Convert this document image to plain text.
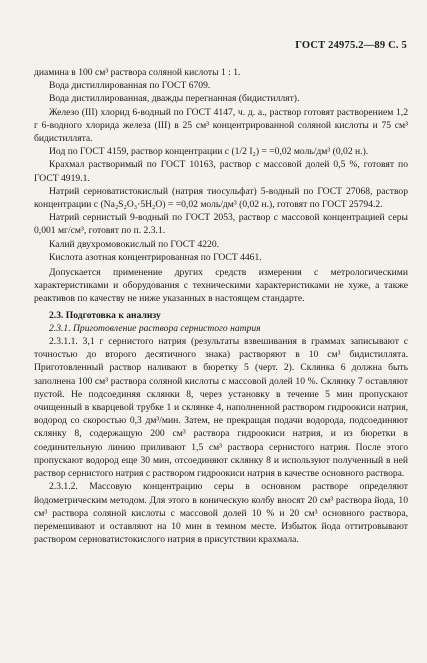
ГОСТ 24975.2—89 С. 5

диамина в 100 см³ раствора соляной кислоты 1 : 1.

Вода дистиллированная по ГОСТ 6709.

Вода дистиллированная, дважды перегнанная (бидистиллят).

Железо (III) хлорид 6-водный по ГОСТ 4147, ч. д. а., раствор готовят растворением 1,2 г 6-водного хлорида железа (III) в 25 см³ концентрированной соляной кислоты и 75 см³ бидистиллята.

Иод по ГОСТ 4159, раствор концентрации с (1/2 I₂) = =0,02 моль/дм³ (0,02 н.).

Крахмал растворимый по ГОСТ 10163, раствор с массовой долей 0,5 %, готовят по ГОСТ 4919.1.

Натрий серноватистокислый (натрия тиосульфат) 5-водный по ГОСТ 27068, раствор концентрации с (Na₂S₂O₃·5H₂O) = =0,02 моль/дм³ (0,02 н.), готовят по ГОСТ 25794.2.

Натрий сернистый 9-водный по ГОСТ 2053, раствор с массовой концентрацией серы 0,001 мг/см³, готовят по п. 2.3.1.

Калий двухромовокислый по ГОСТ 4220.

Кислота азотная концентрированная по ГОСТ 4461.

Допускается применение других средств измерения с метрологическими характеристиками и оборудования с техническими характеристиками не хуже, а также реактивов по качеству не ниже указанных в настоящем стандарте.

2.3. Подготовка к анализу

2.3.1. Приготовление раствора сернистого натрия

2.3.1.1. 3,1 г сернистого натрия (результаты взвешивания в граммах записывают с точностью до второго десятичного знака) растворяют в 10 см³ бидистиллята. Приготовленный раствор наливают в бюретку 5 (черт. 2). Склянка 6 должна быть заполнена 100 см³ раствора соляной кислоты с массовой долей 10 %. Склянку 7 оставляют пустой. Не подсоединяя склянки 8, через установку в течение 5 мин пропускают очищенный в кварцевой трубке 1 и склянке 4, наполненной раствором гидроокиси натрия, водород со скоростью 0,3 дм³/мин. Затем, не прекращая подачи водорода, подсоединяют склянку 8, содержащую 200 см³ раствора гидроокиси натрия, и из бюретки в соединительную линию приливают 1,5 см³ раствора сернистого натрия. После этого пропускают водород еще 30 мин, отсоединяют склянку 8 и используют полученный в ней раствор сернистого натрия с раствором гидроокиси натрия в качестве основного раствора.

2.3.1.2. Массовую концентрацию серы в основном растворе определяют йодометрическим методом. Для этого в коническую колбу вносят 20 см³ раствора йода, 10 см³ раствора соляной кислоты с массовой долей 10 % и 20 см³ основного раствора, перемешивают и оставляют на 10 мин в темном месте. Избыток йода оттитровывают раствором серноватистокислого натрия в присутствии крахмала.
